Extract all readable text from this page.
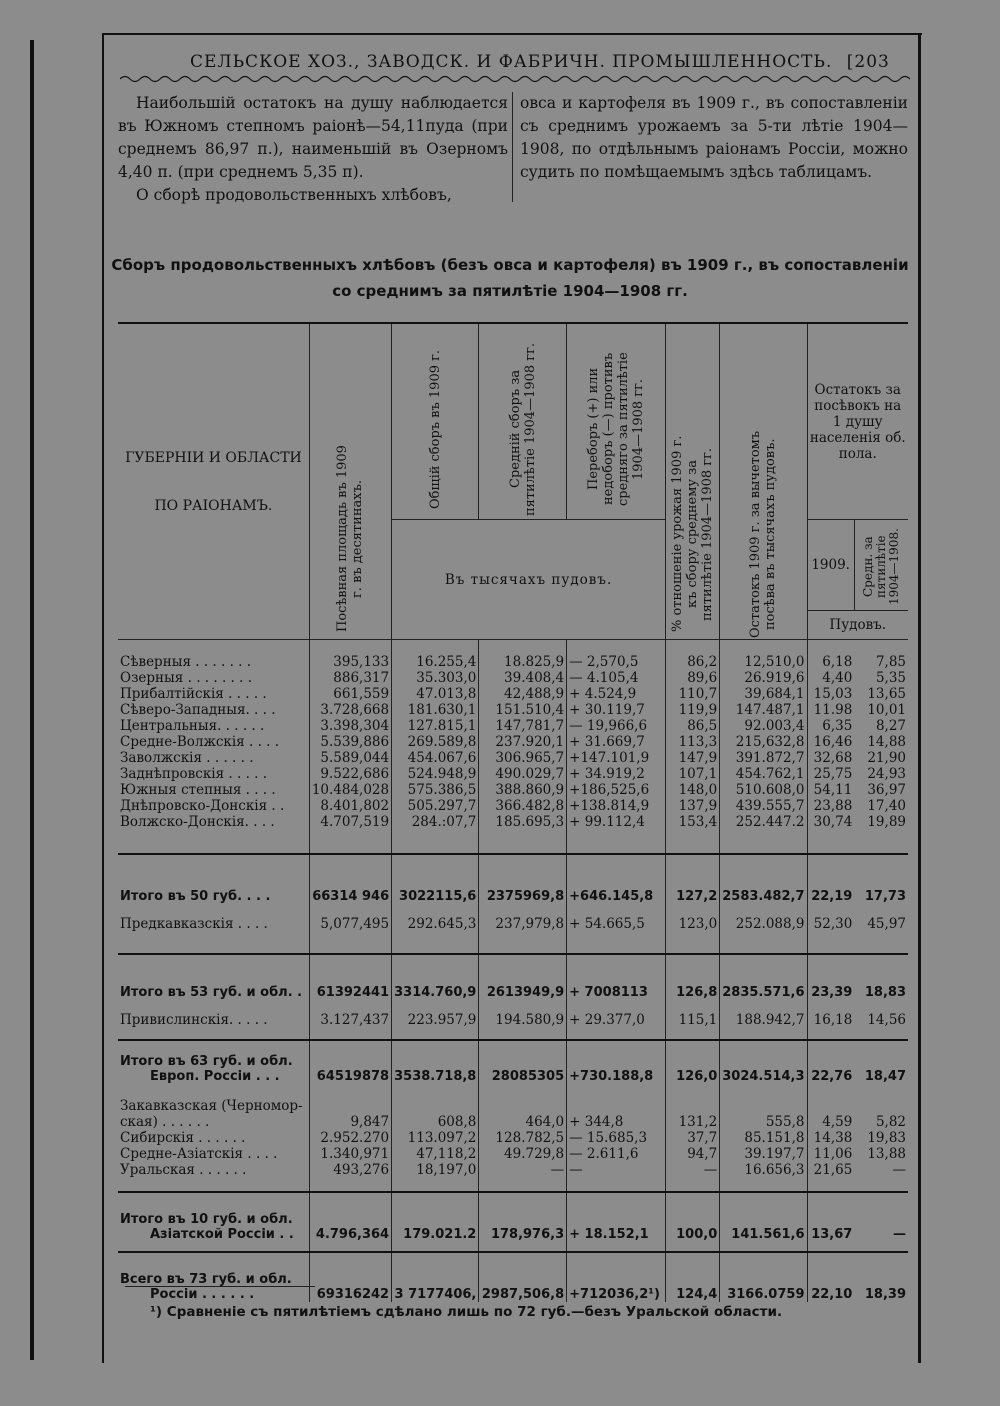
СЕЛЬСКОЕ ХОЗ., ЗАВОДСК. И ФАБРИЧН. ПРОМЫШЛЕННОСТЬ. [203

Наибольшій остатокъ на душу наблюдается въ Южномъ степномъ раіонѣ—54,11пуда (при среднемъ 86,97 п.), наименьшій въ Озерномъ 4,40 п. (при среднемъ 5,35 п).

О сборѣ продовольственныхъ хлѣбовъ,

овса и картофеля въ 1909 г., въ сопоставленіи съ среднимъ урожаемъ за 5-ти лѣтіе 1904—1908, по отдѣльнымъ раіонамъ Россіи, можно судить по помѣщаемымъ здѣсь таблицамъ.

Сборъ продовольственныхъ хлѣбовъ (безъ овса и картофеля) въ 1909 г., въ сопоставленіи
со среднимъ за пятилѣтіе 1904—1908 гг.
ГУБЕРНІИ И ОБЛАСТИ ПО РАІОНАМЪ.	Посѣвная площадь въ 1909 г. въ десятинахъ.	Общій сборъ въ 1909 г.	Средній сборъ за пятилѣтіе 1904—1908 гг.	Переборъ (+) или недоборъ (—) противъ средняго за пятилѣтіе 1904—1908 гг.	% отношеніе урожая 1909 г. къ сбору среднему за пятилѣтіе 1904—1908 гг.	Остатокъ 1909 г. за вычетомъ посѣва въ тысячахъ пудовъ.	Остатокъ за посѣвокъ на 1 душу населенія об. пола.	
		Въ тысячахъ пудовъ.					1909.	Средн. за пятилѣтіе 1904—1908.

							Пудовъ.	

Сѣверныя . . . . . . .	395,133	16.255,4	18.825,9	— 2,570,5	86,2	12,510,0	6,18	7,85
Озерныя . . . . . . . .	886,317	35.303,0	39.408,4	— 4.105,4	89,6	26.919,6	4,40	5,35
Прибалтійскія . . . . .	661,559	47.013,8	42,488,9	+ 4.524,9	110,7	39,684,1	15,03	13,65
Сѣверо-Западныя. . . .	3.728,668	181.630,1	151.510,4	+ 30.119,7	119,9	147.487,1	11.98	10,01
Центральныя. . . . . .	3.398,304	127.815,1	147,781,7	— 19,966,6	86,5	92.003,4	6,35	8,27
Средне-Волжскія . . . .	5.539,886	269.589,8	237.920,1	+ 31.669,7	113,3	215,632,8	16,46	14,88
Заволжскія . . . . . .	5.589,044	454.067,6	306.965,7	+147.101,9	147,9	391.872,7	32,68	21,90
Заднѣпровскія . . . . .	9.522,686	524.948,9	490.029,7	+ 34.919,2	107,1	454.762,1	25,75	24,93
Южныя степныя . . . .	10.484,028	575.386,5	388.860,9	+186,525,6	148,0	510.608,0	54,11	36,97
Днѣпровско-Донскія . .	8.401,802	505.297,7	366.482,8	+138.814,9	137,9	439.555,7	23,88	17,40
Волжско-Донскія. . . .	4.707,519	284.:07,7	185.695,3	+ 99.112,4	153,4	252.447.2	30,74	19,89

Итого въ 50 губ. . . .	66314 946	3022115,6	2375969,8	+646.145,8	127,2	2583.482,7	22,19	17,73
Предкавказскія . . . .	5,077,495	292.645,3	237,979,8	+ 54.665,5	123,0	252.088,9	52,30	45,97

Итого въ 53 губ. и обл. .	61392441	3314.760,9	2613949,9	+ 7008113	126,8	2835.571,6	23,39	18,83
Привислинскія. . . . .	3.127,437	223.957,9	194.580,9	+ 29.377,0	115,1	188.942,7	16,18	14,56

Итого въ 63 губ. и обл.
Европ. Россіи . . .	64519878	3538.718,8	28085305	+730.188,8	126,0	3024.514,3	22,76	18,47

Закавказская (Черномор-
ская) . . . . . .	9,847	608,8	464,0	+ 344,8	131,2	555,8	4,59	5,82
Сибирскія . . . . . .	2.952.270	113.097,2	128.782,5	— 15.685,3	37,7	85.151,8	14,38	19,83
Средне-Азіатскія . . . .	1.340,971	47,118,2	49.729,8	— 2.611,6	94,7	39.197,7	11,06	13,88
Уральская . . . . . .	493,276	18,197,0	—	—	—	16.656,3	21,65	—

Итого въ 10 губ. и обл.
Азіатской Россіи . .	4.796,364	179.021.2	178,976,3	+ 18.152,1	100,0	141.561,6	13,67	—

Всего въ 73 губ. и обл.
Россіи . . . . . .	69316242	3 7177406,	2987,506,8	+712036,2¹)	124,4	3166.0759	22,10	18,39
¹) Сравненіе съ пятилѣтіемъ сдѣлано лишь по 72 губ.—безъ Уральской области.
